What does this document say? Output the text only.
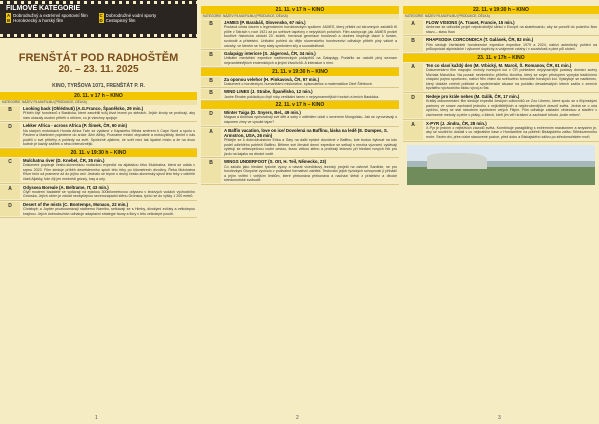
FILMOVÉ KATEGORIE
A Dobrodružný a extrémní sportovní film	C Dobrodružné vodní sporty
B Horolezecký a horský film	D Cestopisný film
FRENŠTÁT POD RADHOŠTĚM
20. – 23. 11. 2025
KINO, TYRŠOVA 1071, FRENŠTÁT P. R.
20. 11. v 17 h – KINO
KATEGORIE NÁZEV FILMU/FILMU (PRODUKCE, DÉLKA)
B	Looking back (Ohlédnutí) (A.G.Franco, Španělsko, 29 min.)
Příběh čtyř horolezců z Baskicka, které zasvětili svůj život lezení po stěnách. Jejich životy se protínají, aby nám ukázaly osobní příběh o něčem, co je všechny spojuje.
D	Lekker Africa - across Africa (P. Šimek, ČR, 60 min)
Na starých motorkách Honda Africa Twin se vydáme z Kapského Města směrem k Cape Nord a spolu s Pavlem a Martinem pojedeme do srdce Jižní Afriky. Poznáme místní obyvatele a motocyklisty, klečet v nás podělí o své příběhy a pohledy na svět. Společně zjistíme, že svět není tak špatné místo a že na dvou kolech je každý zážitek o něco intenzivnější.
20. 11. v 19:30 h – KINO
C	Mulchatna river (D. Knebel, ČR, 35 min.)
Dokument popisuje česko-slovenskou vodáckou expedici na aljašskou řeku Mulchatna, která se udála v srpnu 2023. Film sleduje příběh desetidenního splutí této řeky po kilometrech divočiny. Řeka Mulchatna River teče od pramene až do jejího ústí. Jednalo se tepne o druhý česko-slovenský sjezd této řeky v odlehlé části Aljašky, kde žijí jen medvědi grizzly, losy a orly.
A	Odyssea Boreale (A. Beltrame, IT, 43 min.)
Čtyři moderní badatelé se vydávají na epickou 300kilometrovou odysseu v ledových vodách východního Grónska. Jejich cílem je zdolat neobyčejnou severozápadní stěnu Grónska, tyčící se do výšky 1 200 metrů.
D	Desert of the mists (C. Bontemps, Monaco, 22 min.)
Christoph a Jupiter prozkoumávají nádhernu Namibu, setkávají se s Himby, divokými zvířaty a velkolepou krajinou. Jejich dobrodružství odhaluje adaptační strategie fauny a flóry v této velkolepé poušti.
1
21. 11. v 17 h – KINO
KATEGORIE NÁZEV FILMU/FILMU (PRODUKCE, DÉLKA)
B	JAMES (P. Barabáš, Slovensko, 67 min.)
Poutavá cesta časem s legendárním horolezeckým spolkem JAMES, který přitáhl od skromných začátků tři pilíře v Tatrách v roce 1921 až po světové úspěchy v nejvyšších pohořích. Film zachycuje, jak JAMES prošel bouřlivé historická období 20. století, formoval generace horolezců a dodnes inspiruje lásce k horám, svobodě a přátelství. Unikátní pohled do dějin slovenského horolezectví odhaluje příběh plný vášně a odvahy, ve kterém se hory staly symbolem síly a sounáležitosti.
B	Galapágy interiore (S. Jágerová, ČR, 34 min.)
Unikátní medvědní expedice nadšeneckých potápěčů na Galapágy. Podařilo se natočit plný seznam nejzranitelnějších endemických a jinými živočichů. A interakce s nimi.
21. 11. v 19:30 h – KINO
B	Za oponou velehor (H. Pinkavová, ČR, 97 min.)
Dokument o horolezkyni, humanitární misionářce, spisovatelce a matematičce Dině Štěrbové.
B	WIND LINES (J. Strabe, Španělsko, 12 min.)
Janire Etxabe pokládá po čtyři roky vertikální tanec v nejvyznamnějších horách a lesích Baskicka.
22. 11. v 17 h – KINO
D	Winter Taiga (D. Snyers, Bel., 49 min.)
Magsar a Anikhaa vychovávají své děti a sobý v odlehlém údolí v severním Mongolsku. Jak se vyrovnávají s náporem zimy ve vysoké tajze?
A	A Baffin vacation, love on ice/ Dovolená na Baffinu, láska na ledě (E. Dumpes, S. Armstron, USA, 26 min)
Přidejte se k dobrodružstvím Erika a Sáry na dalši epické dovolené v Baffinu, kde budou bytovat na kdo podél odlehlého pobřeží Baffinu. Během své čtrnácti denní expedice se setkají s mnoha výzvami, vydávají vyletují se nebezpečnou vodní cestou, lezou velkou stěnu a prolézají ledovec při hledání nových řek pro jízdu na kajaku na divoké vodě.
B	WINGS UNDERFOOT (S. Ott, H. Teil, Německo, 23)
Co začalo jako hledání fyzické výzvy a návrat vícedílkový lezecký projekt na ostrově Sardinie, se pro horolezkyni Oluryche vyvinulo v podivatné formativní zážitek. Testování jejích fyzických schopností jí přinášíl a jejím vnitřní i vnějším limitům, které překonává překonává a nachází štěstí z přátelství a divoké stredomořské svobodě.
2
22. 11. v 19:30 h – KINO
KATEGORIE NÁZEV FILMU/FILMU (PRODUKCE, DÉLKA)
A	FLOW VISIONS (A. Trauet, Francie, 15 min.)
Ambrose se odhodlal projet nejnáročnější silnici v Evropě na skateboardu, aby se ponořil do pulzního flow stavu – stavu flow.
B	RHAPSODIA CORCONDICA (T. Galásek, ČR, 82 min.)
Film sleduje čtvrtstoletí horolezecké expedice expedice 1979 a 2024, nabízí autentický pohled na průkopnické alpinistické i výkonné úspěchy a vzájemné vztahy i v souvislosti a plné půl století.
23. 11. v 17h – KINO
A	Ten co slaví každý den (M. Vrbický, M. Maroš, Š. Romanov, ČR, 61 min.)
Dokumentární film mapující vrcholy horských kol v ČR pohledem nejvýraznější postavy domácí scény Michala Marošíka. Na pozadí nevšedního příběhu člověka, který se svým přístupem vymyká tradičnímu chápání pojmu sportovec, nabízí film vhled do světového formuláře horských kol. Vyskytuje se nadšenec, který dokáže změnit politické a společenské situace na počátku devadesátých letech zažila v zemích bývalého východního bloku vývoj a růst.
D	Nedeje pro krále nebes (M. Gálik, ČR, 17 min.)
Krátký dokumentární film sleduje expedici českých odborníků ze Zoo Liberec, které spolu se s filipínskými partnery ve snaze zachránit jednoho z nejkritičtějších a nejohroženějších dravců světa. Jedná se o orla opičího, který se stal národním symbolem celých Filipín. Film odhaluje základní vědeckou a sladění v záchranné metody a péče o ptáky, o lidech, kteří jim věří krášení a zachraně tohoto „krále nebes“.
A	X-PYR (J. Jindra, ČR, 28 min.)
X-Pyr je jedním z nejtěžších závodů světa. Kombinuje paragliding s extrémním maratonem a smyslem je, aby se soutěžící dostali v co nejkratším čase z Hondarribie na pobřeží Biskajského zálivu Středozemního moře. Sedm dní, přes nízké stanovené pozice, před dobu a Biskajského zálivu po středomořském moři.
3
